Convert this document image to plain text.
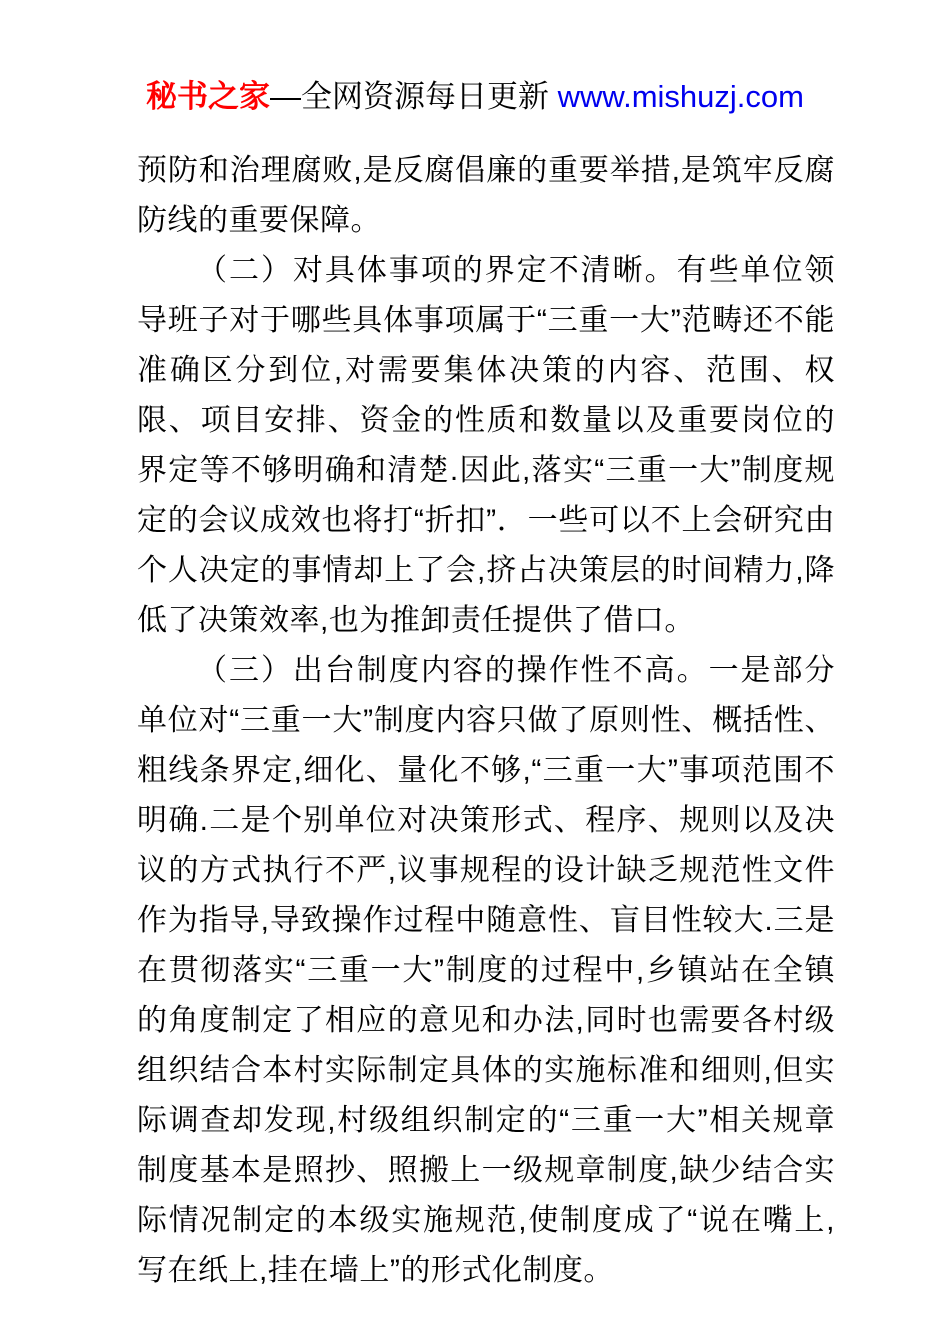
秘书之家—全网资源每日更新 www.mishuzj.com

预防和治理腐败,是反腐倡廉的重要举措,是筑牢反腐防线的重要保障。

（二）对具体事项的界定不清晰。有些单位领导班子对于哪些具体事项属于“三重一大”范畴还不能准确区分到位,对需要集体决策的内容、范围、权限、项目安排、资金的性质和数量以及重要岗位的界定等不够明确和清楚.因此,落实“三重一大”制度规定的会议成效也将打“折扣”．一些可以不上会研究由个人决定的事情却上了会,挤占决策层的时间精力,降低了决策效率,也为推卸责任提供了借口。

（三）出台制度内容的操作性不高。一是部分单位对“三重一大”制度内容只做了原则性、概括性、粗线条界定,细化、量化不够,“三重一大”事项范围不明确.二是个别单位对决策形式、程序、规则以及决议的方式执行不严,议事规程的设计缺乏规范性文件作为指导,导致操作过程中随意性、盲目性较大.三是在贯彻落实“三重一大”制度的过程中,乡镇站在全镇的角度制定了相应的意见和办法,同时也需要各村级组织结合本村实际制定具体的实施标准和细则,但实际调查却发现,村级组织制定的“三重一大”相关规章制度基本是照抄、照搬上一级规章制度,缺少结合实际情况制定的本级实施规范,使制度成了“说在嘴上,写在纸上,挂在墙上”的形式化制度。
